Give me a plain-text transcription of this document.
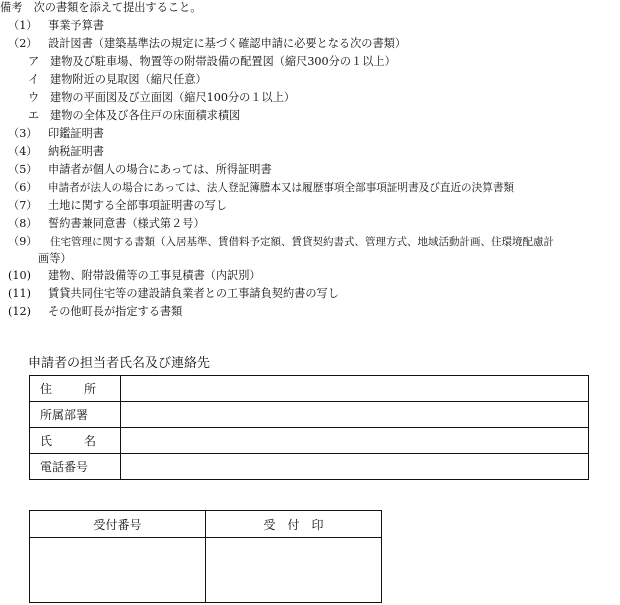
備考　次の書類を添えて提出すること。
（1） 事業予算書
（2） 設計図書（建築基準法の規定に基づく確認申請に必要となる次の書類）
ア 建物及び駐車場、物置等の附帯設備の配置図（縮尺300分の１以上）
イ 建物附近の見取図（縮尺任意）
ウ 建物の平面図及び立面図（縮尺100分の１以上）
エ 建物の全体及び各住戸の床面積求積図
（3） 印鑑証明書
（4） 納税証明書
（5） 申請者が個人の場合にあっては、所得証明書
（6） 申請者が法人の場合にあっては、法人登記簿謄本又は履歴事項全部事項証明書及び直近の決算書類
（7） 土地に関する全部事項証明書の写し
（8） 誓約書兼同意書（様式第２号）
（9） 住宅管理に関する書類（入居基準、賃借料予定額、賃貸契約書式、管理方式、地域活動計画、住環境配慮計
画等）
(10) 建物、附帯設備等の工事見積書（内訳別）
(11) 賃貸共同住宅等の建設請負業者との工事請負契約書の写し
(12) その他町長が指定する書類
申請者の担当者氏名及び連絡先
住 所	

所属部署	

氏 名	

電話番号	
受付番号	受　付　印
